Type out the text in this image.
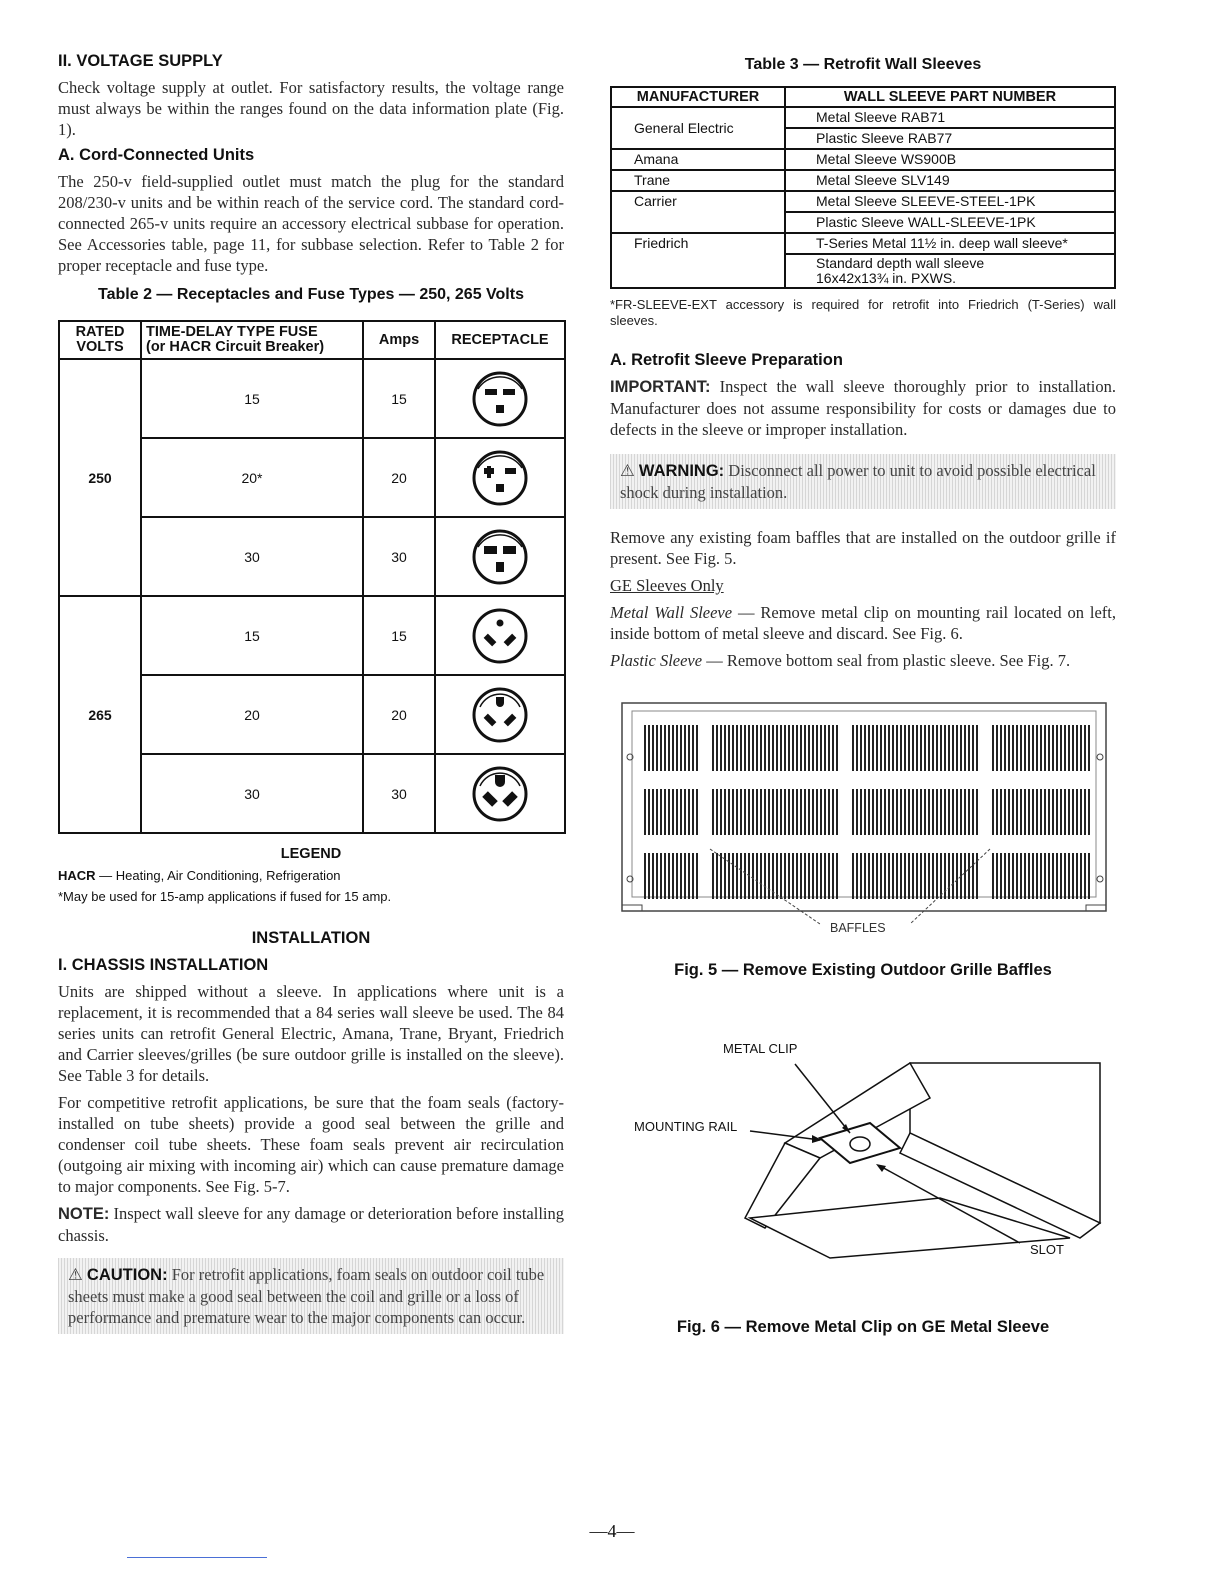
II. VOLTAGE SUPPLY

Check voltage supply at outlet. For satisfactory results, the voltage range must always be within the ranges found on the data information plate (Fig. 1).

A. Cord-Connected Units

The 250-v field-supplied outlet must match the plug for the standard 208/230-v units and be within reach of the service cord. The standard cord-connected 265-v units require an accessory electrical subbase for operation. See Accessories table, page 11, for subbase selection. Refer to Table 2 for proper receptacle and fuse type.

Table 2 — Receptacles and Fuse Types — 250, 265 Volts
RATED
VOLTS	TIME-DELAY TYPE FUSE
(or HACR Circuit Breaker)	Amps	RECEPTACLE
250	15	15	

	20*	20	

	30	30	

265	15	15	

	20	20	

	30	30	
LEGEND
HACR — Heating, Air Conditioning, Refrigeration
*May be used for 15-amp applications if fused for 15 amp.
INSTALLATION
I. CHASSIS INSTALLATION

Units are shipped without a sleeve. In applications where unit is a replacement, it is recommended that a 84 series wall sleeve be used. The 84 series units can retrofit General Electric, Amana, Trane, Bryant, Friedrich and Carrier sleeves/grilles (be sure outdoor grille is installed on the sleeve). See Table 3 for details.

For competitive retrofit applications, be sure that the foam seals (factory-installed on tube sheets) provide a good seal between the grille and condenser coil tube sheets. These foam seals prevent air recirculation (outgoing air mixing with incoming air) which can cause premature damage to major components. See Fig. 5-7.

NOTE: Inspect wall sleeve for any damage or deterioration before installing chassis.

⚠ CAUTION: For retrofit applications, foam seals on outdoor coil tube sheets must make a good seal between the coil and grille or a loss of performance and premature wear to the major components can occur.
Table 3 — Retrofit Wall Sleeves
MANUFACTURER	WALL SLEEVE PART NUMBER
General Electric	Metal Sleeve RAB71
	Plastic Sleeve RAB77
Amana	Metal Sleeve WS900B
Trane	Metal Sleeve SLV149
Carrier	Metal Sleeve SLEEVE-STEEL-1PK
	Plastic Sleeve WALL-SLEEVE-1PK
Friedrich	T-Series Metal 11½ in. deep wall sleeve*
	Standard depth wall sleeve
16x42x13¾ in. PXWS.
*FR-SLEEVE-EXT accessory is required for retrofit into Friedrich (T-Series) wall sleeves.
A. Retrofit Sleeve Preparation

IMPORTANT: Inspect the wall sleeve thoroughly prior to installation. Manufacturer does not assume responsibility for costs or damages due to defects in the sleeve or improper installation.

⚠ WARNING: Disconnect all power to unit to avoid possible electrical shock during installation.

Remove any existing foam baffles that are installed on the outdoor grille if present. See Fig. 5.

GE Sleeves Only

Metal Wall Sleeve — Remove metal clip on mounting rail located on left, inside bottom of metal sleeve and discard. See Fig. 6.

Plastic Sleeve — Remove bottom seal from plastic sleeve. See Fig. 7.

BAFFLES
Fig. 5 — Remove Existing Outdoor Grille Baffles
METAL CLIP
MOUNTING RAIL
SLOT
Fig. 6 — Remove Metal Clip on GE Metal Sleeve
—4—
